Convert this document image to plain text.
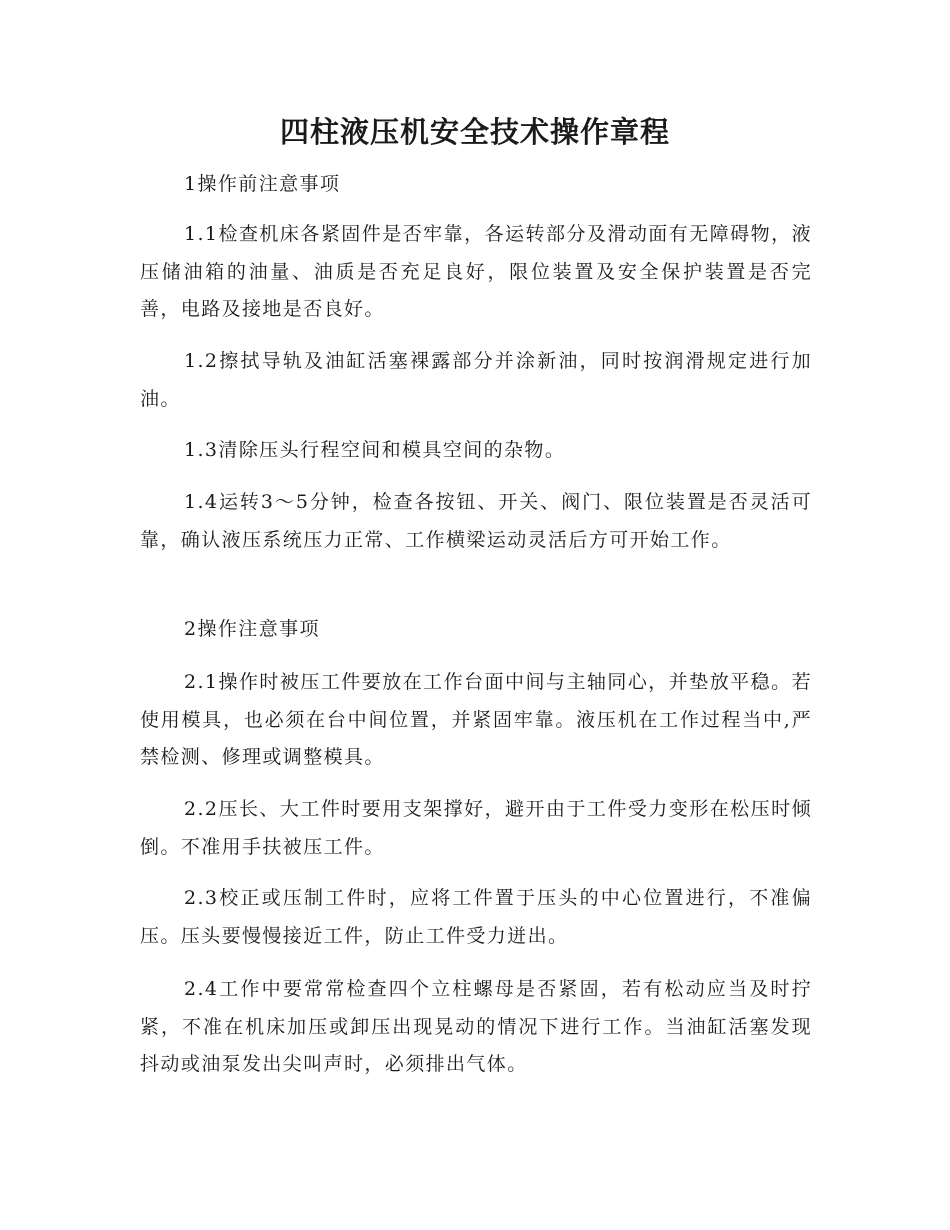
四柱液压机安全技术操作章程

1操作前注意事项

1.1检查机床各紧固件是否牢靠，各运转部分及滑动面有无障碍物，液压储油箱的油量、油质是否充足良好，限位装置及安全保护装置是否完善，电路及接地是否良好。

1.2擦拭导轨及油缸活塞裸露部分并涂新油，同时按润滑规定进行加油。

1.3清除压头行程空间和模具空间的杂物。

1.4运转3～5分钟，检查各按钮、开关、阀门、限位装置是否灵活可靠，确认液压系统压力正常、工作横梁运动灵活后方可开始工作。

2操作注意事项

2.1操作时被压工件要放在工作台面中间与主轴同心，并垫放平稳。若使用模具，也必须在台中间位置，并紧固牢靠。液压机在工作过程当中,严禁检测、修理或调整模具。

2.2压长、大工件时要用支架撑好，避开由于工件受力变形在松压时倾倒。不准用手扶被压工件。

2.3校正或压制工件时，应将工件置于压头的中心位置进行，不准偏压。压头要慢慢接近工件，防止工件受力迸出。

2.4工作中要常常检查四个立柱螺母是否紧固，若有松动应当及时拧紧，不准在机床加压或卸压出现晃动的情况下进行工作。当油缸活塞发现抖动或油泵发出尖叫声时，必须排出气体。
